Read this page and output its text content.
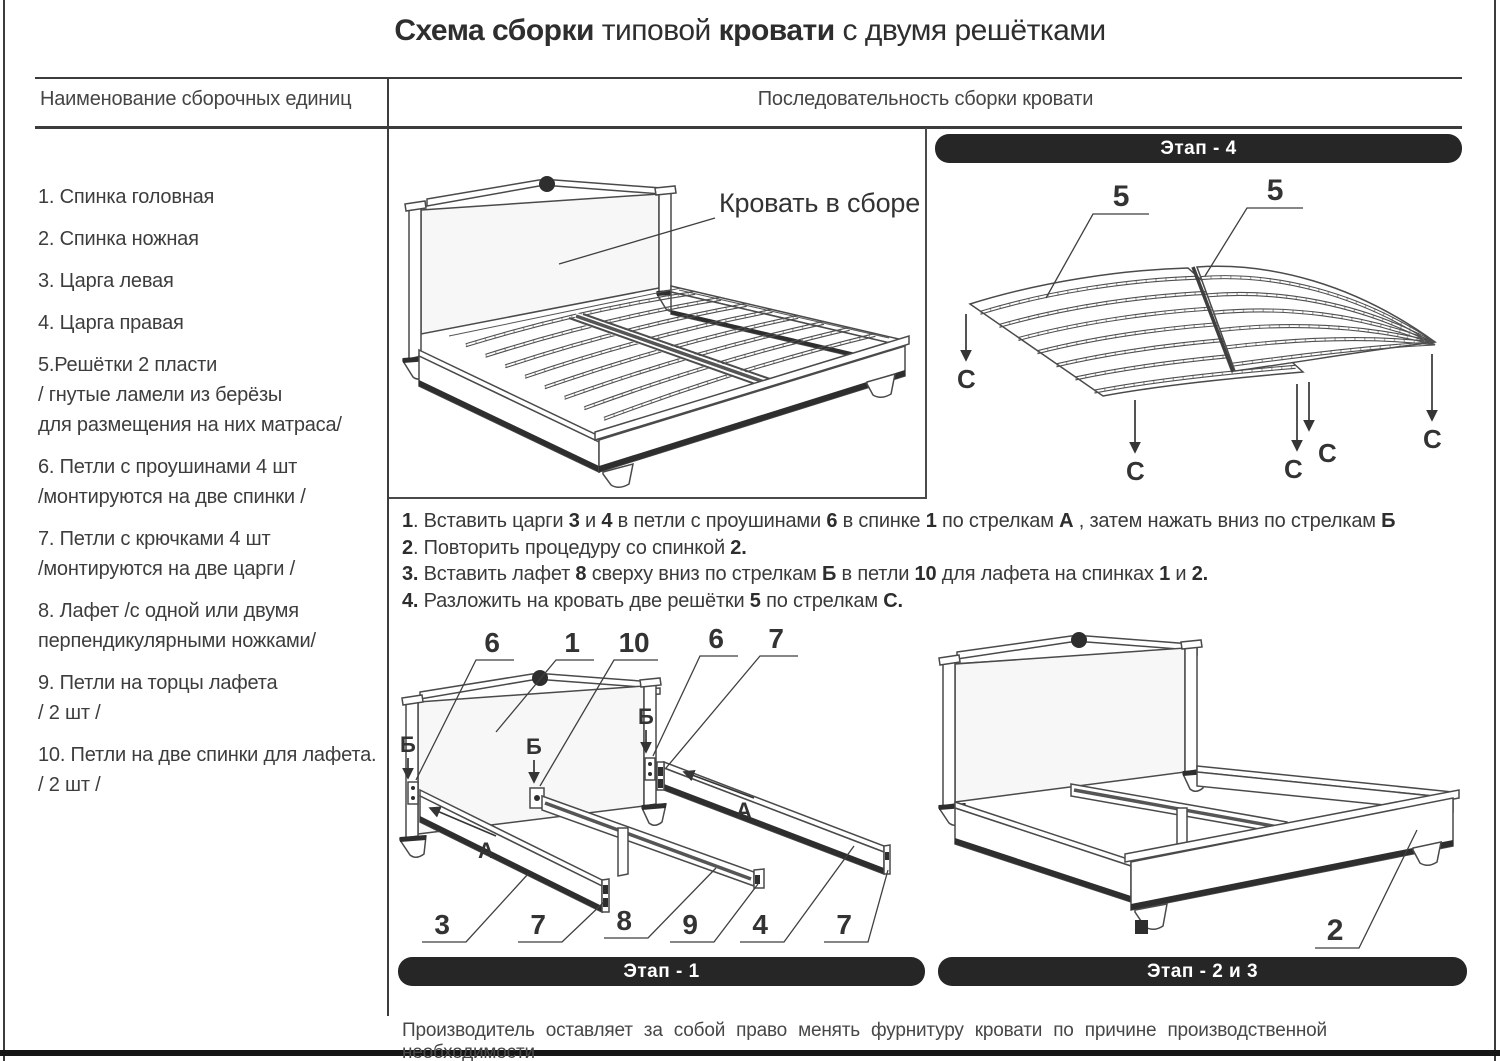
Схема сборки типовой кровати с двумя решётками
Наименование сборочных единиц	Последовательность сборки кровати
1. Спинка головная
2. Спинка ножная
3. Царга левая
4. Царга правая
5.Решётки 2 пласти
/ гнутые ламели из берёзы
для размещения на них матраса/
6. Петли с проушинами 4 шт
/монтируются на две спинки /
7. Петли с крючками 4 шт
/монтируются на две царги /
8. Лафет /с одной или двумя
перпендикулярными ножками/
9. Петли на торцы лафета
/ 2 шт /
10. Петли на две спинки для лафета.
/ 2 шт /
Кровать в сборе
Этап - 4
5	5
С
С	С
С	С
1. Вставить царги 3 и 4 в петли с проушинами 6 в спинке 1 по стрелкам А , затем нажать вниз по стрелкам Б
2. Повторить процедуру со спинкой 2.
3. Вставить лафет 8 сверху вниз по стрелкам Б в петли 10 для лафета на спинках 1 и 2.
4. Разложить на кровать две решётки 5 по стрелкам С.
Б	Б
Б
А
А
6 1 10 6 7
3	7	8 9 4 7	2
Этап - 1	Этап - 2 и 3
Производитель оставляет за собой право менять фурнитуру кровати по причине производственной необходимости
